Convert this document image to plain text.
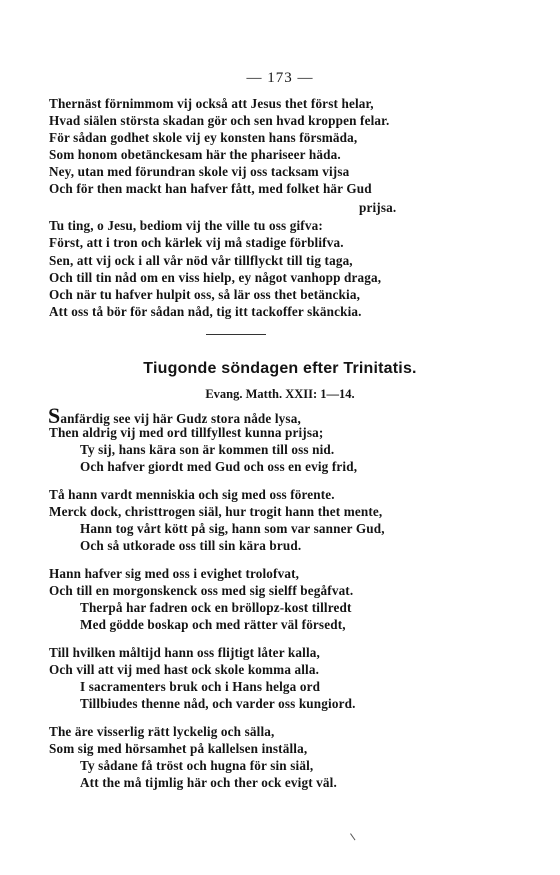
— 173 —
Thernäst förnimmom vij också att Jesus thet först helar,
Hvad siälen största skadan gör och sen hvad kroppen felar.
För sådan godhet skole vij ey konsten hans försmäda,
Som honom obetänckesam här the phariseer häda.
Ney, utan med förundran skole vij oss tacksam vijsa
Och för then mackt han hafver fått, med folket här Gud
prijsa.
Tu ting, o Jesu, bediom vij the ville tu oss gifva:
Först, att i tron och kärlek vij må stadige förblifva.
Sen, att vij ock i all vår nöd vår tillflyckt till tig taga,
Och till tin nåd om en viss hielp, ey något vanhopp draga,
Och när tu hafver hulpit oss, så lär oss thet betänckia,
Att oss tå bör för sådan nåd, tig itt tackoffer skänckia.
Tiugonde söndagen efter Trinitatis.
Evang. Matth. XXII: 1—14.
Sanfärdig see vij här Gudz stora nåde lysa,
Then aldrig vij med ord tillfyllest kunna prijsa;
Ty sij, hans kära son är kommen till oss nid.
Och hafver giordt med Gud och oss en evig frid,
Tå hann vardt menniskia och sig med oss förente.
Merck dock, christtrogen siäl, hur trogit hann thet mente,
Hann tog vårt kött på sig, hann som var sanner Gud,
Och så utkorade oss till sin kära brud.
Hann hafver sig med oss i evighet trolofvat,
Och till en morgonskenck oss med sig sielff begåfvat.
Therpå har fadren ock en bröllopz-kost tillredt
Med gödde boskap och med rätter väl försedt,
Till hvilken måltijd hann oss flijtigt låter kalla,
Och vill att vij med hast ock skole komma alla.
I sacramenters bruk och i Hans helga ord
Tillbiudes thenne nåd, och varder oss kungiord.
The äre visserlig rätt lyckelig och sälla,
Som sig med hörsamhet på kallelsen inställa,
Ty sådane få tröst och hugna för sin siäl,
Att the må tijmlig här och ther ock evigt väl.
